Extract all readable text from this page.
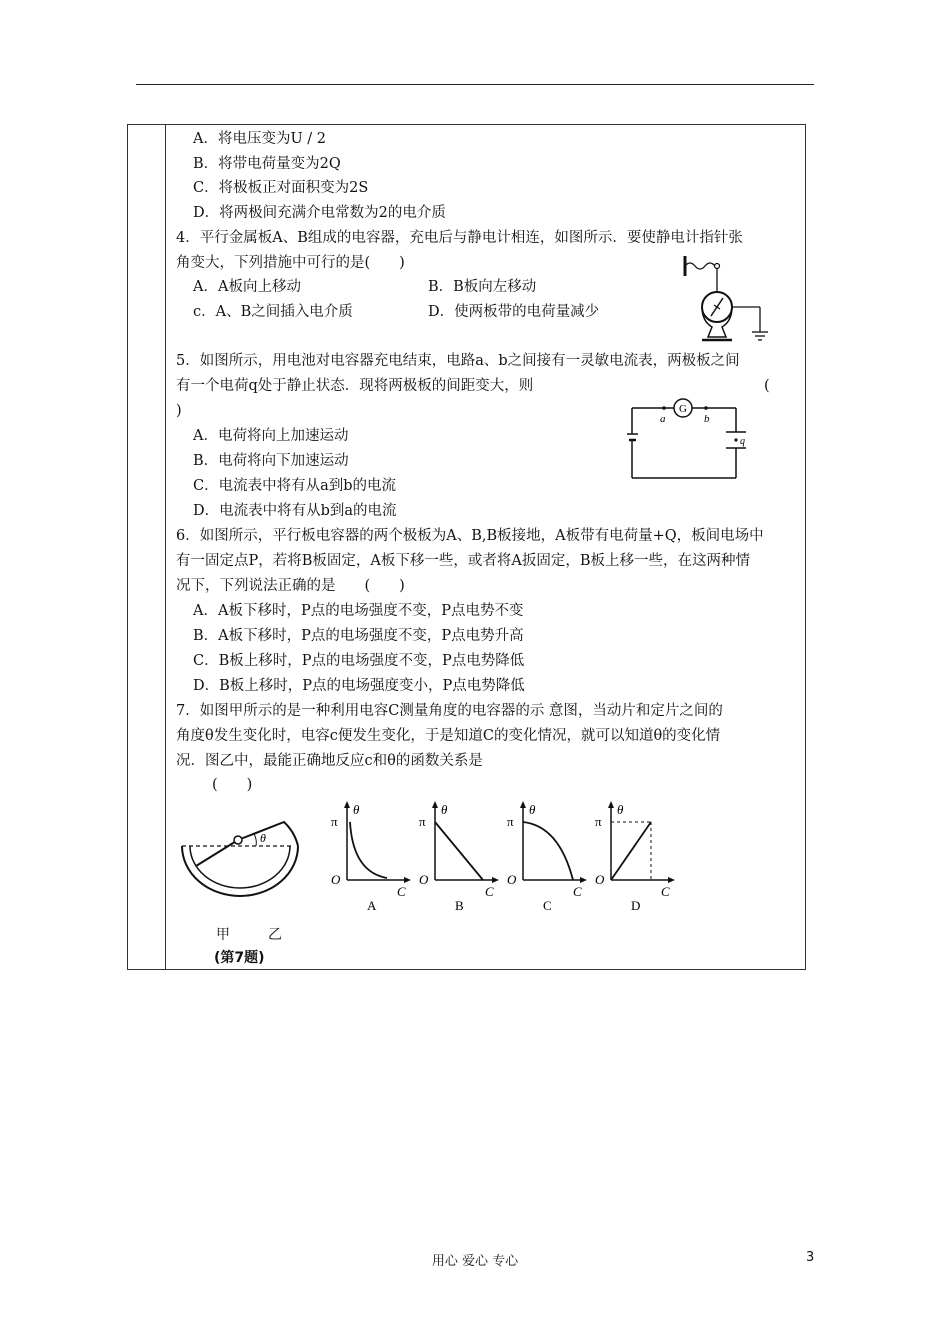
A．将电压变为U / 2
B．将带电荷量变为2Q
C．将极板正对面积变为2S
D．将两极间充满介电常数为2的电介质
4．平行金属板A、B组成的电容器，充电后与静电计相连，如图所示．要使静电计指针张
角变大，下列措施中可行的是(　　)
A．A板向上移动	B．B板向左移动
c．A、B之间插入电介质	D．使两板带的电荷量减少
5．如图所示，用电池对电容器充电结束，电路a、b之间接有一灵敏电流表，两极板之间
有一个电荷q处于静止状态．现将两极板的间距变大，则	(
)
A．电荷将向上加速运动
B．电荷将向下加速运动
C．电流表中将有从a到b的电流
D．电流表中将有从b到a的电流
G
a	b
q
6．如图所示，平行板电容器的两个极板为A、B,B板接地，A板带有电荷量+Q，板间电场中
有一固定点P，若将B板固定，A板下移一些，或者将A扳固定，B板上移一些，在这两种情
况下，下列说法正确的是　　(　　)
A．A板下移时，P点的电场强度不变，P点电势不变
B．A板下移时，P点的电场强度不变，P点电势升高
C．B板上移时，P点的电场强度不变，P点电势降低
D．B板上移时，P点的电场强度变小，P点电势降低
7．如图甲所示的是一种利用电容C测量角度的电容器的示 意图，当动片和定片之间的
角度θ发生变化时，电容c便发生变化，于是知道C的变化情况，就可以知道θ的变化情
况．图乙中，最能正确地反应c和θ的函数关系是
(　　)
θ
π
θ
O
C
A
π
θ
O
C
B
π
θ
O
C
C
π
θ
O
C
D
甲	乙
(第7题)
用心 爱心 专心	3
